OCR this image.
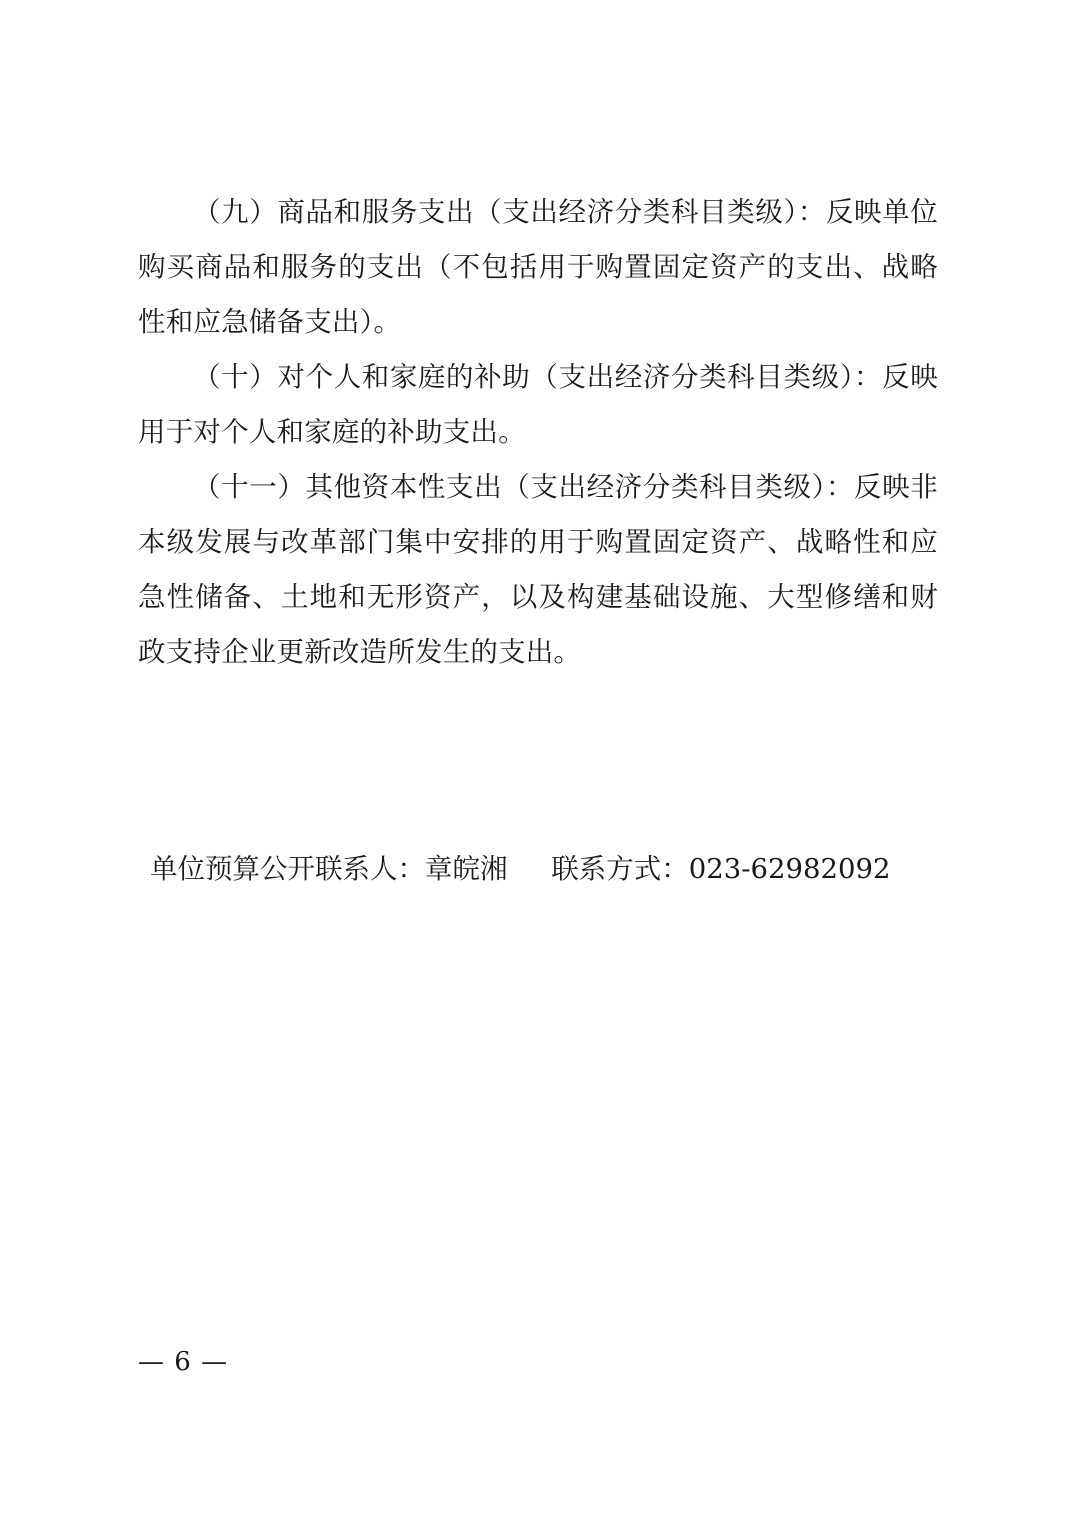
（九）商品和服务支出（支出经济分类科目类级）：反映单位购买商品和服务的支出（不包括用于购置固定资产的支出、战略性和应急储备支出）。

（十）对个人和家庭的补助（支出经济分类科目类级）：反映用于对个人和家庭的补助支出。

（十一）其他资本性支出（支出经济分类科目类级）：反映非本级发展与改革部门集中安排的用于购置固定资产、战略性和应急性储备、土地和无形资产，以及构建基础设施、大型修缮和财政支持企业更新改造所发生的支出。

单位预算公开联系人：章皖湘     联系方式：023-62982092

— 6 —
